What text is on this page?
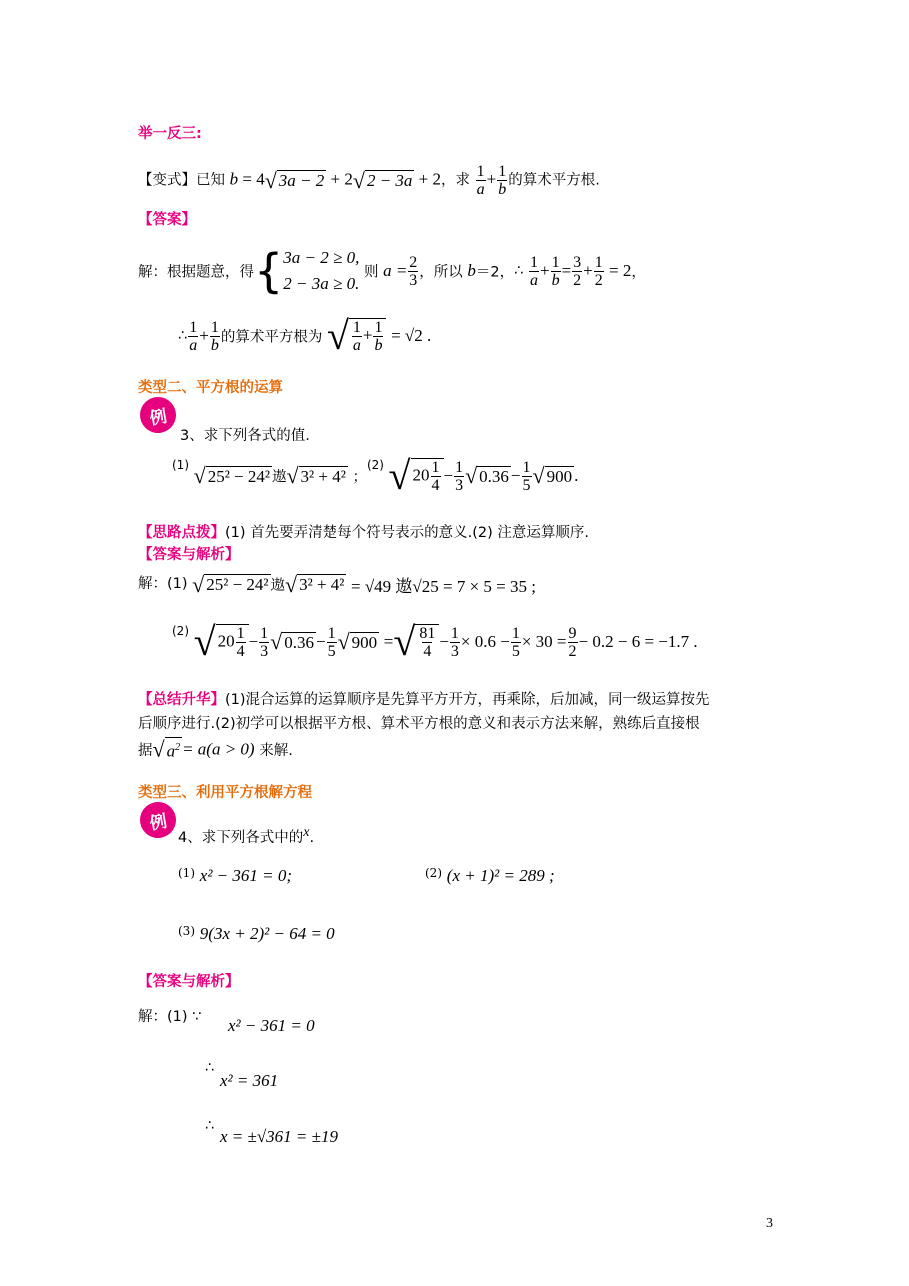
举一反三:
【变式】已知 b = 4√ 3a − 2 + 2√ 2 − 3a + 2，求 $\frac{1}{a} + \frac{1}{b}$ 的算术平方根.
【答案】
解：根据题意，得{ 3a − 2 ≥ 0,
2 − 3a ≥ 0.
则 $a = \frac{2}{3}$ ，所以 b＝2，∴ $\frac{1}{a} + \frac{1}{b} = \frac{3}{2} + \frac{1}{2} = 2$，
∴ $\frac{1}{a} + \frac{1}{b}$ 的算术平方根为 √ $\frac{1}{a} + \frac{1}{b} = √2$ .
类型二、平方根的运算
例
3、求下列各式的值.
$^{(1)}$ √ 25² − 24² 遨√ 3² + 4² ；$^{(2)}$ √ $20 \frac{1}{4} - \frac{1}{3}$ √ $0.36 - \frac{1}{5}$ √ 900 .
【思路点拨】(1) 首先要弄清楚每个符号表示的意义.(2) 注意运算顺序.
【答案与解析】
解：(1) √ 25² − 24² 遨√ 3² + 4² = √49 遨√25 = 7 × 5 = 35 ;
$^{(2)}$ √ $20 \frac{1}{4} - \frac{1}{3}$ √ $0.36 - \frac{1}{5}$ √ 900 =√ $\frac{81}{4} - \frac{1}{3} \times 0.6 - \frac{1}{5} \times 30 = \frac{9}{2} - 0.2 - 6 = -1.7$ .
【总结升华】(1)混合运算的运算顺序是先算平方开方，再乘除，后加减，同一级运算按先
后顺序进行.(2)初学可以根据平方根、算术平方根的意义和表示方法来解，熟练后直接根
据√ $a^2 = a(a > 0)$ 来解.
类型三、利用平方根解方程
例
4、求下列各式中的x.
$^{(1)}$ x² − 361 = 0;	$^{(2)}$ (x + 1)² = 289 ;
$^{(3)}$ 9(3x + 2)² − 64 = 0
【答案与解析】
解：(1) ∵ x² − 361 = 0
∴
x² = 361
∴
x = ±√361 = ±19
3
